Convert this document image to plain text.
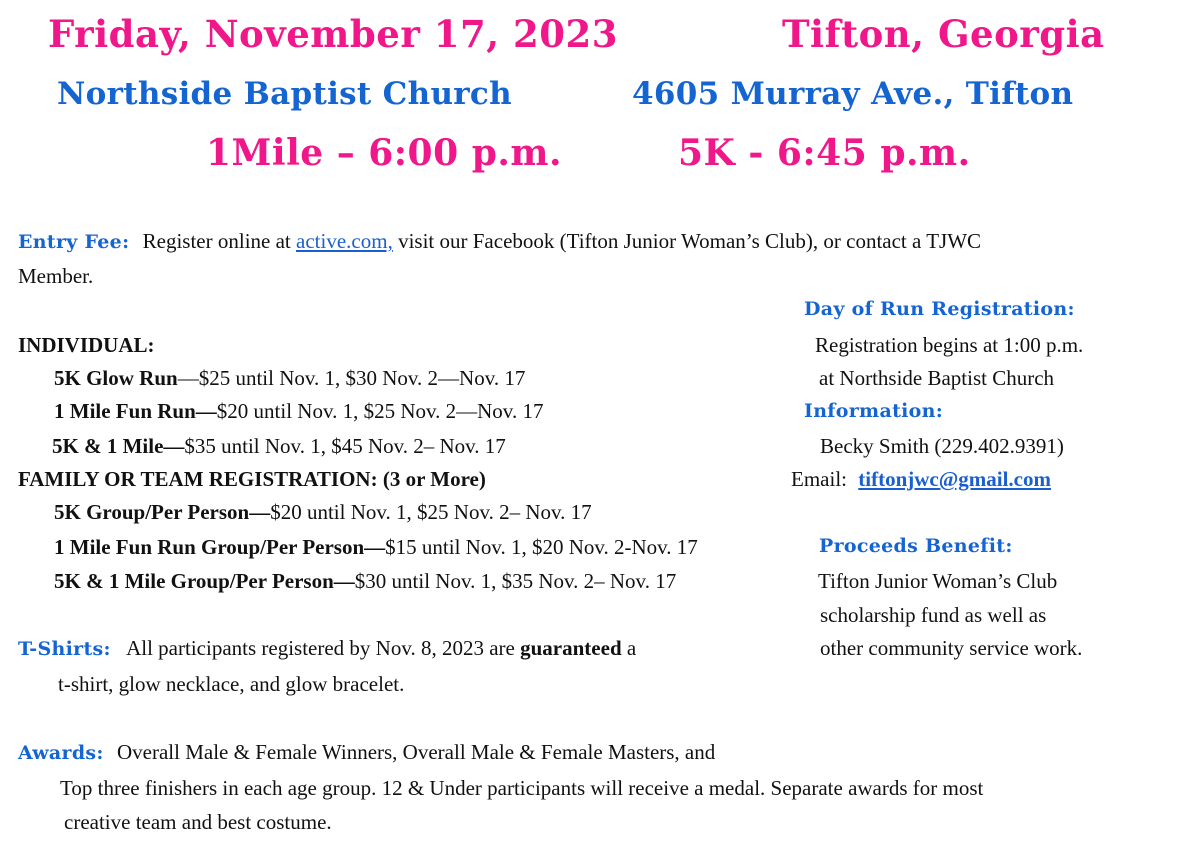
Friday, November 17, 2023	Tifton, Georgia
Northside Baptist Church	4605 Murray Ave., Tifton
1Mile – 6:00 p.m.	5K - 6:45 p.m.
Entry Fee: Register online at active.com, visit our Facebook (Tifton Junior Woman’s Club), or contact a TJWC
Member.
INDIVIDUAL:
5K Glow Run—$25 until Nov. 1, $30 Nov. 2—Nov. 17
1 Mile Fun Run—$20 until Nov. 1, $25 Nov. 2—Nov. 17
5K & 1 Mile—$35 until Nov. 1, $45 Nov. 2– Nov. 17
FAMILY OR TEAM REGISTRATION: (3 or More)
5K Group/Per Person—$20 until Nov. 1, $25 Nov. 2– Nov. 17
1 Mile Fun Run Group/Per Person—$15 until Nov. 1, $20 Nov. 2-Nov. 17
5K & 1 Mile Group/Per Person—$30 until Nov. 1, $35 Nov. 2– Nov. 17
Day of Run Registration:
Registration begins at 1:00 p.m.
at Northside Baptist Church
Information:
Becky Smith (229.402.9391)
Email: tiftonjwc@gmail.com
Proceeds Benefit:
Tifton Junior Woman’s Club
scholarship fund as well as
other community service work.
T-Shirts: All participants registered by Nov. 8, 2023 are guaranteed a
t-shirt, glow necklace, and glow bracelet.
Awards: Overall Male & Female Winners, Overall Male & Female Masters, and
Top three finishers in each age group. 12 & Under participants will receive a medal. Separate awards for most
creative team and best costume.
